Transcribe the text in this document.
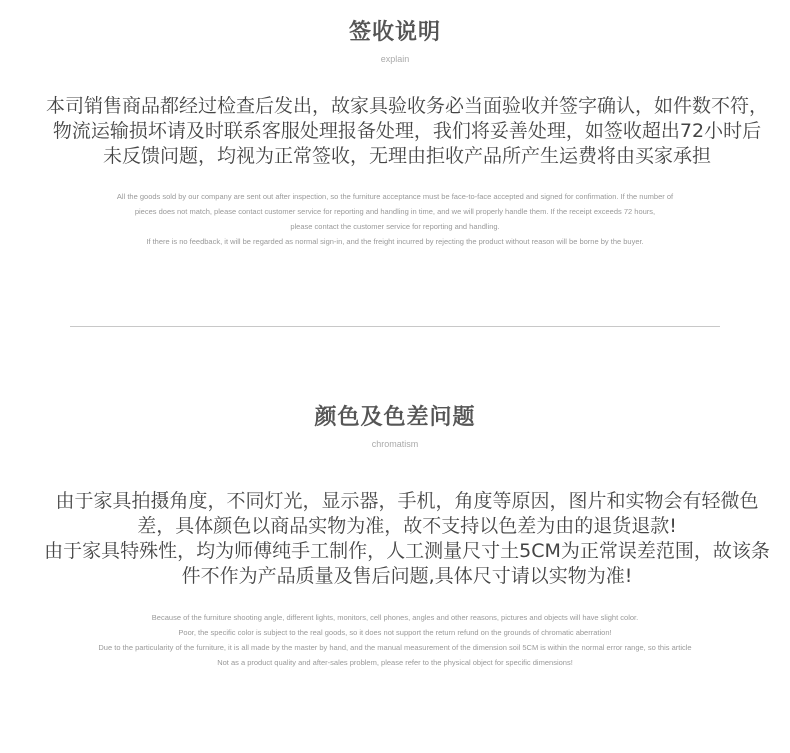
签收说明
explain
本司销售商品都经过检查后发出，故家具验收务必当面验收并签字确认，如件数不符，
物流运输损坏请及时联系客服处理报备处理，我们将妥善处理，如签收超出72小时后
未反馈问题，均视为正常签收，无理由拒收产品所产生运费将由买家承担
All the goods sold by our company are sent out after inspection, so the furniture acceptance must be face-to-face accepted and signed for confirmation. If the number of
pieces does not match, please contact customer service for reporting and handling in time, and we will properly handle them. If the receipt exceeds 72 hours,
please contact the customer service for reporting and handling.
If there is no feedback, it will be regarded as normal sign-in, and the freight incurred by rejecting the product without reason will be borne by the buyer.
颜色及色差问题
chromatism
由于家具拍摄角度，不同灯光，显示器，手机，角度等原因，图片和实物会有轻微色
差，具体颜色以商品实物为准，故不支持以色差为由的退货退款!
由于家具特殊性，均为师傅纯手工制作，人工测量尺寸土5CM为正常误差范围，故该条
件不作为产品质量及售后问题,具体尺寸请以实物为准!
Because of the furniture shooting angle, different lights, monitors, cell phones, angles and other reasons, pictures and objects will have slight color.
Poor, the specific color is subject to the real goods, so it does not support the return refund on the grounds of chromatic aberration!
Due to the particularity of the furniture, it is all made by the master by hand, and the manual measurement of the dimension soil 5CM is within the normal error range, so this article
Not as a product quality and after-sales problem, please refer to the physical object for specific dimensions!
